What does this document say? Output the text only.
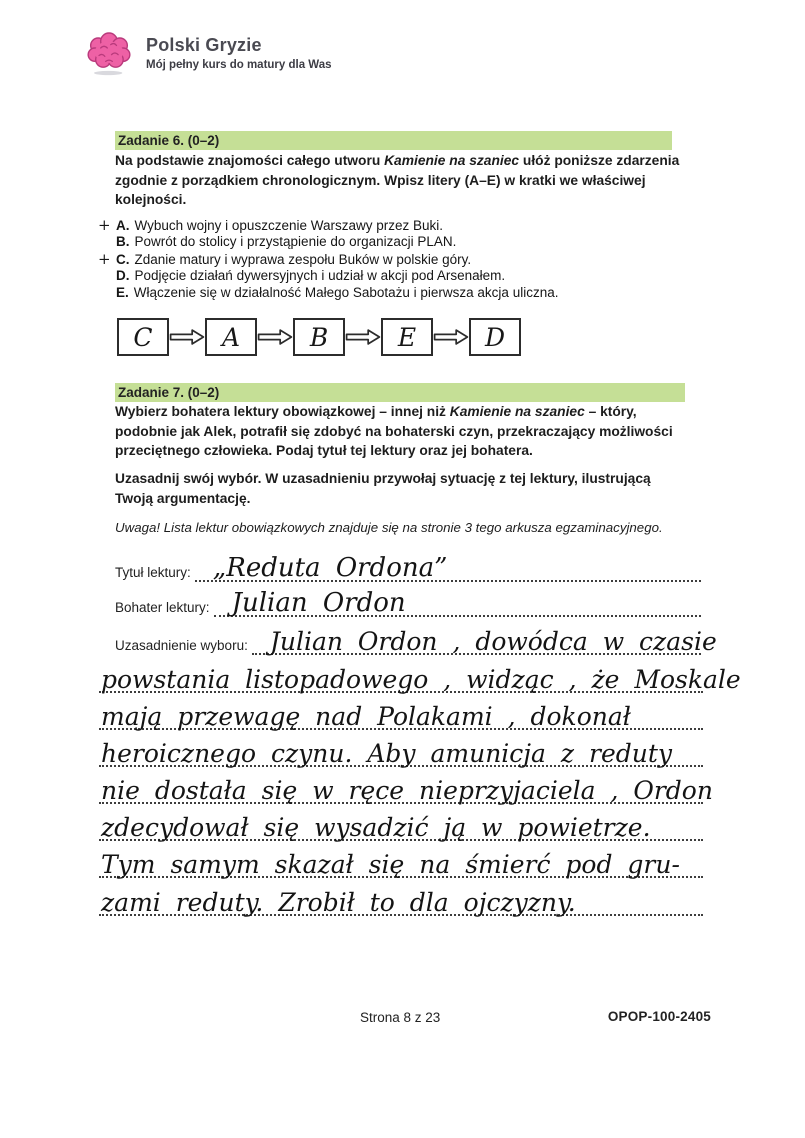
Polski Gryzie
Mój pełny kurs do matury dla Was
Zadanie 6. (0–2)

Na podstawie znajomości całego utworu Kamienie na szaniec ułóż poniższe zdarzenia zgodnie z porządkiem chronologicznym. Wpisz litery (A–E) w kratki we właściwej kolejności.

+ A. Wybuch wojny i opuszczenie Warszawy przez Buki.
B. Powrót do stolicy i przystąpienie do organizacji PLAN.
+ C. Zdanie matury i wyprawa zespołu Buków w polskie góry.
D. Podjęcie działań dywersyjnych i udział w akcji pod Arsenałem.
E. Włączenie się w działalność Małego Sabotażu i pierwsza akcja uliczna.
C	A	B	E	D
Zadanie 7. (0–2)

Wybierz bohatera lektury obowiązkowej – innej niż Kamienie na szaniec – który, podobnie jak Alek, potrafił się zdobyć na bohaterski czyn, przekraczający możliwości przeciętnego człowieka. Podaj tytuł tej lektury oraz jej bohatera.

Uzasadnij swój wybór. W uzasadnieniu przywołaj sytuację z tej lektury, ilustrującą Twoją argumentację.

Uwaga! Lista lektur obowiązkowych znajduje się na stronie 3 tego arkusza egzaminacyjnego.

Tytuł lektury: „Reduta Ordona”
Bohater lektury: Julian Ordon
Uzasadnienie wyboru: Julian Ordon , dowódca w czasie
powstania listopadowego , widząc , że Moskale
mają przewagę nad Polakami , dokonał
heroicznego czynu. Aby amunicja z reduty
nie dostała się w ręce nieprzyjaciela , Ordon
zdecydował się wysadzić ją w powietrze.
Tym samym skazał się na śmierć pod gru-
zami reduty. Zrobił to dla ojczyzny.
Strona 8 z 23	OPOP-100-2405
